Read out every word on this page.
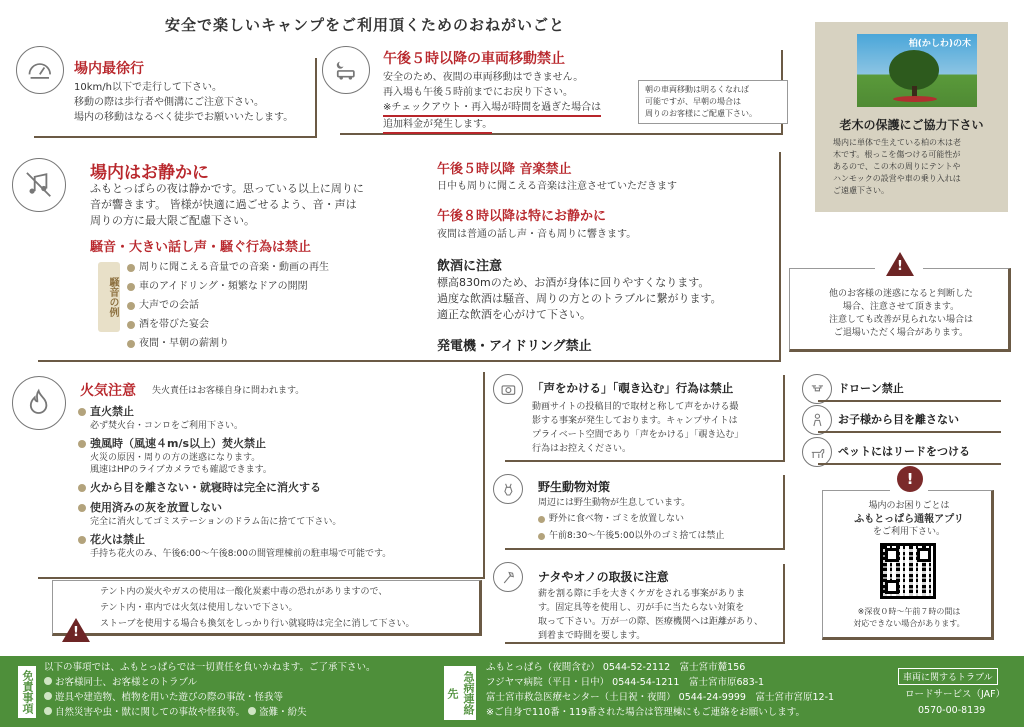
安全で楽しいキャンプをご利用頂くためのおねがいごと
場内最徐行
10km/h以下で走行して下さい。
移動の際は歩行者や側溝にご注意下さい。
場内の移動はなるべく徒歩でお願いいたします。
午後５時以降の車両移動禁止
安全のため、夜間の車両移動はできません。
再入場も午後５時前までにお戻り下さい。
※チェックアウト・再入場が時間を過ぎた場合は
追加料金が発生します。
朝の車両移動は明るくなれば
可能ですが、早朝の場合は
周りのお客様にご配慮下さい。
柏(かしわ)の木
老木の保護にご協力下さい
場内に単体で生えている柏の木は老
木です。根っこを傷つける可能性が
あるので、この木の周りにテントや
ハンモックの設営や車の乗り入れは
ご遠慮下さい。
場内はお静かに
ふもとっぱらの夜は静かです。思っている以上に周りに
音が響きます。 皆様が快適に過ごせるよう、音・声は
周りの方に最大限ご配慮下さい。
騒音・大きい話し声・騒ぐ行為は禁止
騒音の例
周りに聞こえる音量での音楽・動画の再生
車のアイドリング・頻繁なドアの開閉
大声での会話
酒を帯びた宴会
夜間・早朝の薪割り
午後５時以降 音楽禁止
日中も周りに聞こえる音楽は注意させていただきます
午後８時以降は特にお静かに
夜間は普通の話し声・音も周りに響きます。
飲酒に注意
標高830mのため、お酒が身体に回りやすくなります。
過度な飲酒は騒音、周りの方とのトラブルに繋がります。
適正な飲酒を心がけて下さい。
発電機・アイドリング禁止
!
他のお客様の迷惑になると判断した
場合、注意させて頂きます。
注意しても改善が見られない場合は
ご退場いただく場合があります。
火気注意 失火責任はお客様自身に問われます。
直火禁止
必ず焚火台・コンロをご利用下さい。
強風時（風速４m/s以上）焚火禁止
火災の原因・周りの方の迷惑になります。
風速はHPのライブカメラでも確認できます。
火から目を離さない・就寝時は完全に消火する
使用済みの灰を放置しない
完全に消火してゴミステーションのドラム缶に捨てて下さい。
花火は禁止
手持ち花火のみ、午後6:00〜午後8:00の間管理棟前の駐車場で可能です。
!
テント内の炭火やガスの使用は一酸化炭素中毒の恐れがありますので、
テント内・車内では火気は使用しないで下さい。
ストーブを使用する場合も換気をしっかり行い就寝時は完全に消して下さい。
「声をかける」「覗き込む」行為は禁止
動画サイトの投稿目的で取材と称して声をかける撮
影する事案が発生しております。キャンプサイトは
プライベート空間であり「声をかける」「覗き込む」
行為はお控えください。
野生動物対策
周辺には野生動物が生息しています。
野外に食べ物・ゴミを放置しない
午前8:30〜午後5:00以外のゴミ捨ては禁止
ナタやオノの取扱に注意
薪を割る際に手を大きくケガをされる事案がありま
す。固定具等を使用し、刃が手に当たらない対策を
取って下さい。万が一の際、医療機関へは距離があり、
到着まで時間を要します。
ドローン禁止
お子様から目を離さない
ペットにはリードをつける
!
場内のお困りごとは
ふもとっぱら通報アプリ
をご利用下さい。
※深夜０時〜午前７時の間は
対応できない場合があります。
免責事項
以下の事項では、ふもとっぱらでは一切責任を負いかねます。ご了承下さい。
お客様同士、お客様とのトラブル
遊具や建造物、植物を用いた遊びの際の事故・怪我等
自然災害や虫・獣に関しての事故や怪我等。 盗難・紛失	急病連絡先
ふもとっぱら（夜間含む） 0544-52-2112　 富士宮市麓156
フジヤマ病院（平日・日中） 0544-54-1211　 富士宮市原683-1
富士宮市救急医療センター（土日祝・夜間） 0544-24-9999　 富士宮市宮原12-1
※ご自身で110番・119番された場合は管理棟にもご連絡をお願いします。
車両に関するトラブル
ロードサービス（JAF）
0570-00-8139
